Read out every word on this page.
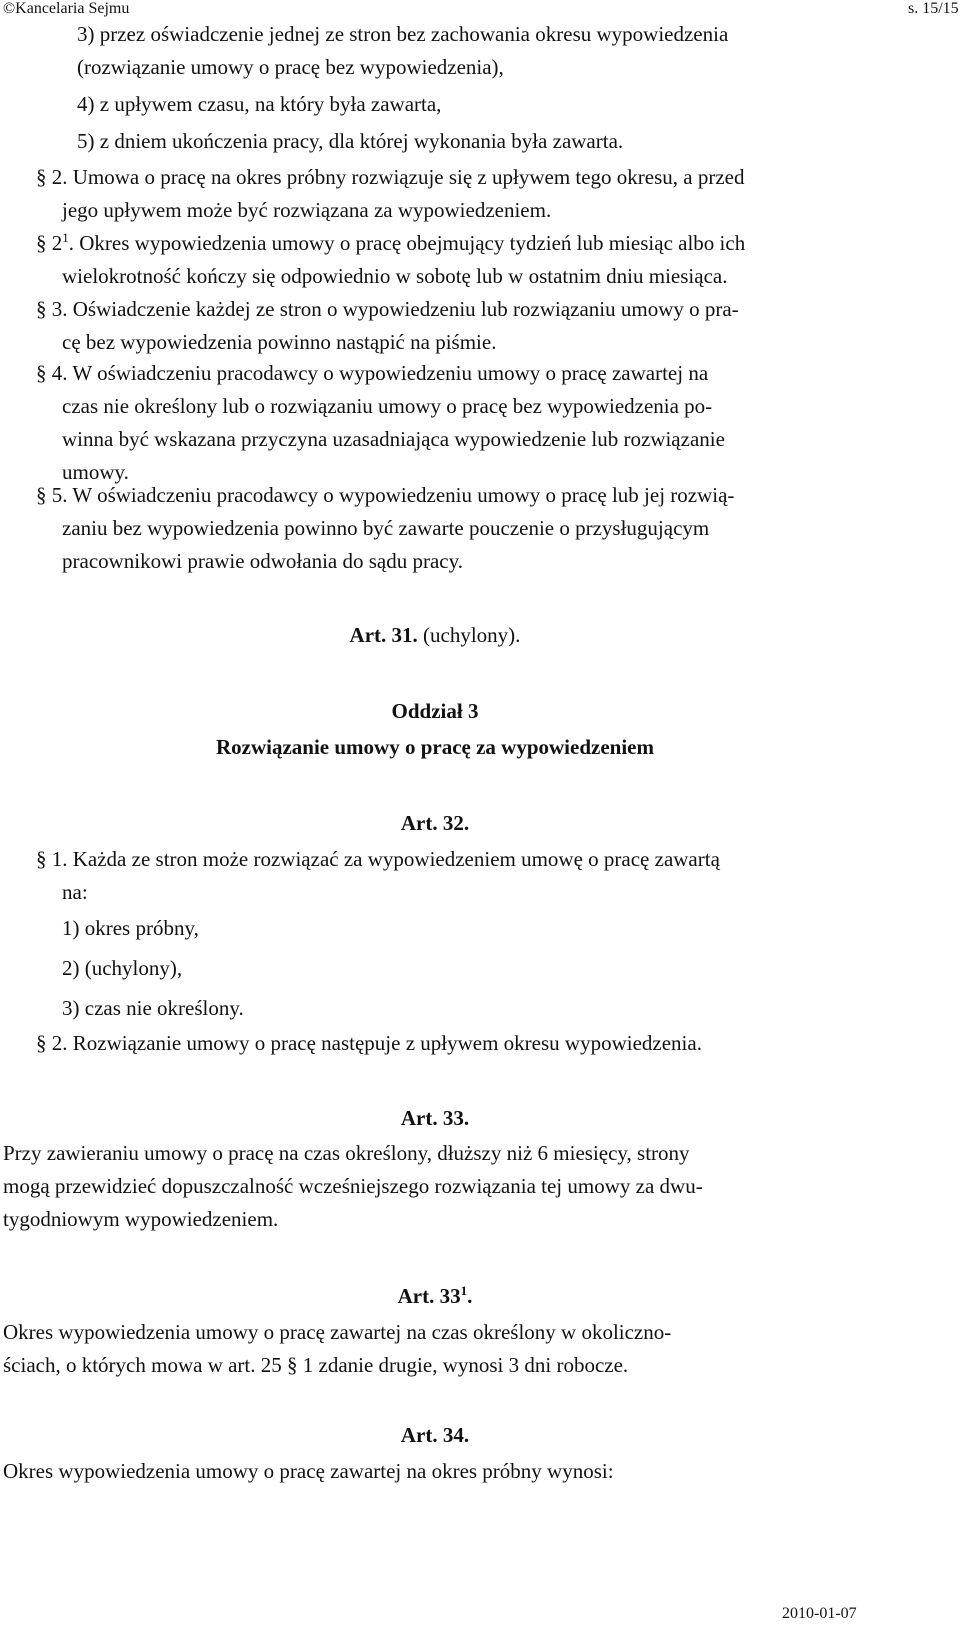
©Kancelaria Sejmu	s. 15/15
3) przez oświadczenie jednej ze stron bez zachowania okresu wypowiedzenia
(rozwiązanie umowy o pracę bez wypowiedzenia),
4) z upływem czasu, na który była zawarta,
5) z dniem ukończenia pracy, dla której wykonania była zawarta.
§ 2. Umowa o pracę na okres próbny rozwiązuje się z upływem tego okresu, a przed
jego upływem może być rozwiązana za wypowiedzeniem.
§ $2^1$. Okres wypowiedzenia umowy o pracę obejmujący tydzień lub miesiąc albo ich
wielokrotność kończy się odpowiednio w sobotę lub w ostatnim dniu miesiąca.
§ 3. Oświadczenie każdej ze stron o wypowiedzeniu lub rozwiązaniu umowy o pra-
cę bez wypowiedzenia powinno nastąpić na piśmie.
§ 4. W oświadczeniu pracodawcy o wypowiedzeniu umowy o pracę zawartej na
czas nie określony lub o rozwiązaniu umowy o pracę bez wypowiedzenia po-
winna być wskazana przyczyna uzasadniająca wypowiedzenie lub rozwiązanie
umowy.
§ 5. W oświadczeniu pracodawcy o wypowiedzeniu umowy o pracę lub jej rozwią-
zaniu bez wypowiedzenia powinno być zawarte pouczenie o przysługującym
pracownikowi prawie odwołania do sądu pracy.
Art. 31. (uchylony).
Oddział 3
Rozwiązanie umowy o pracę za wypowiedzeniem
Art. 32.
§ 1. Każda ze stron może rozwiązać za wypowiedzeniem umowę o pracę zawartą
na:
1) okres próbny,
2) (uchylony),
3) czas nie określony.
§ 2. Rozwiązanie umowy o pracę następuje z upływem okresu wypowiedzenia.
Art. 33.
Przy zawieraniu umowy o pracę na czas określony, dłuższy niż 6 miesięcy, strony
mogą przewidzieć dopuszczalność wcześniejszego rozwiązania tej umowy za dwu-
tygodniowym wypowiedzeniem.
Art. $33^1$.
Okres wypowiedzenia umowy o pracę zawartej na czas określony w okoliczno-
ściach, o których mowa w art. 25 § 1 zdanie drugie, wynosi 3 dni robocze.
Art. 34.
Okres wypowiedzenia umowy o pracę zawartej na okres próbny wynosi:
2010-01-07
